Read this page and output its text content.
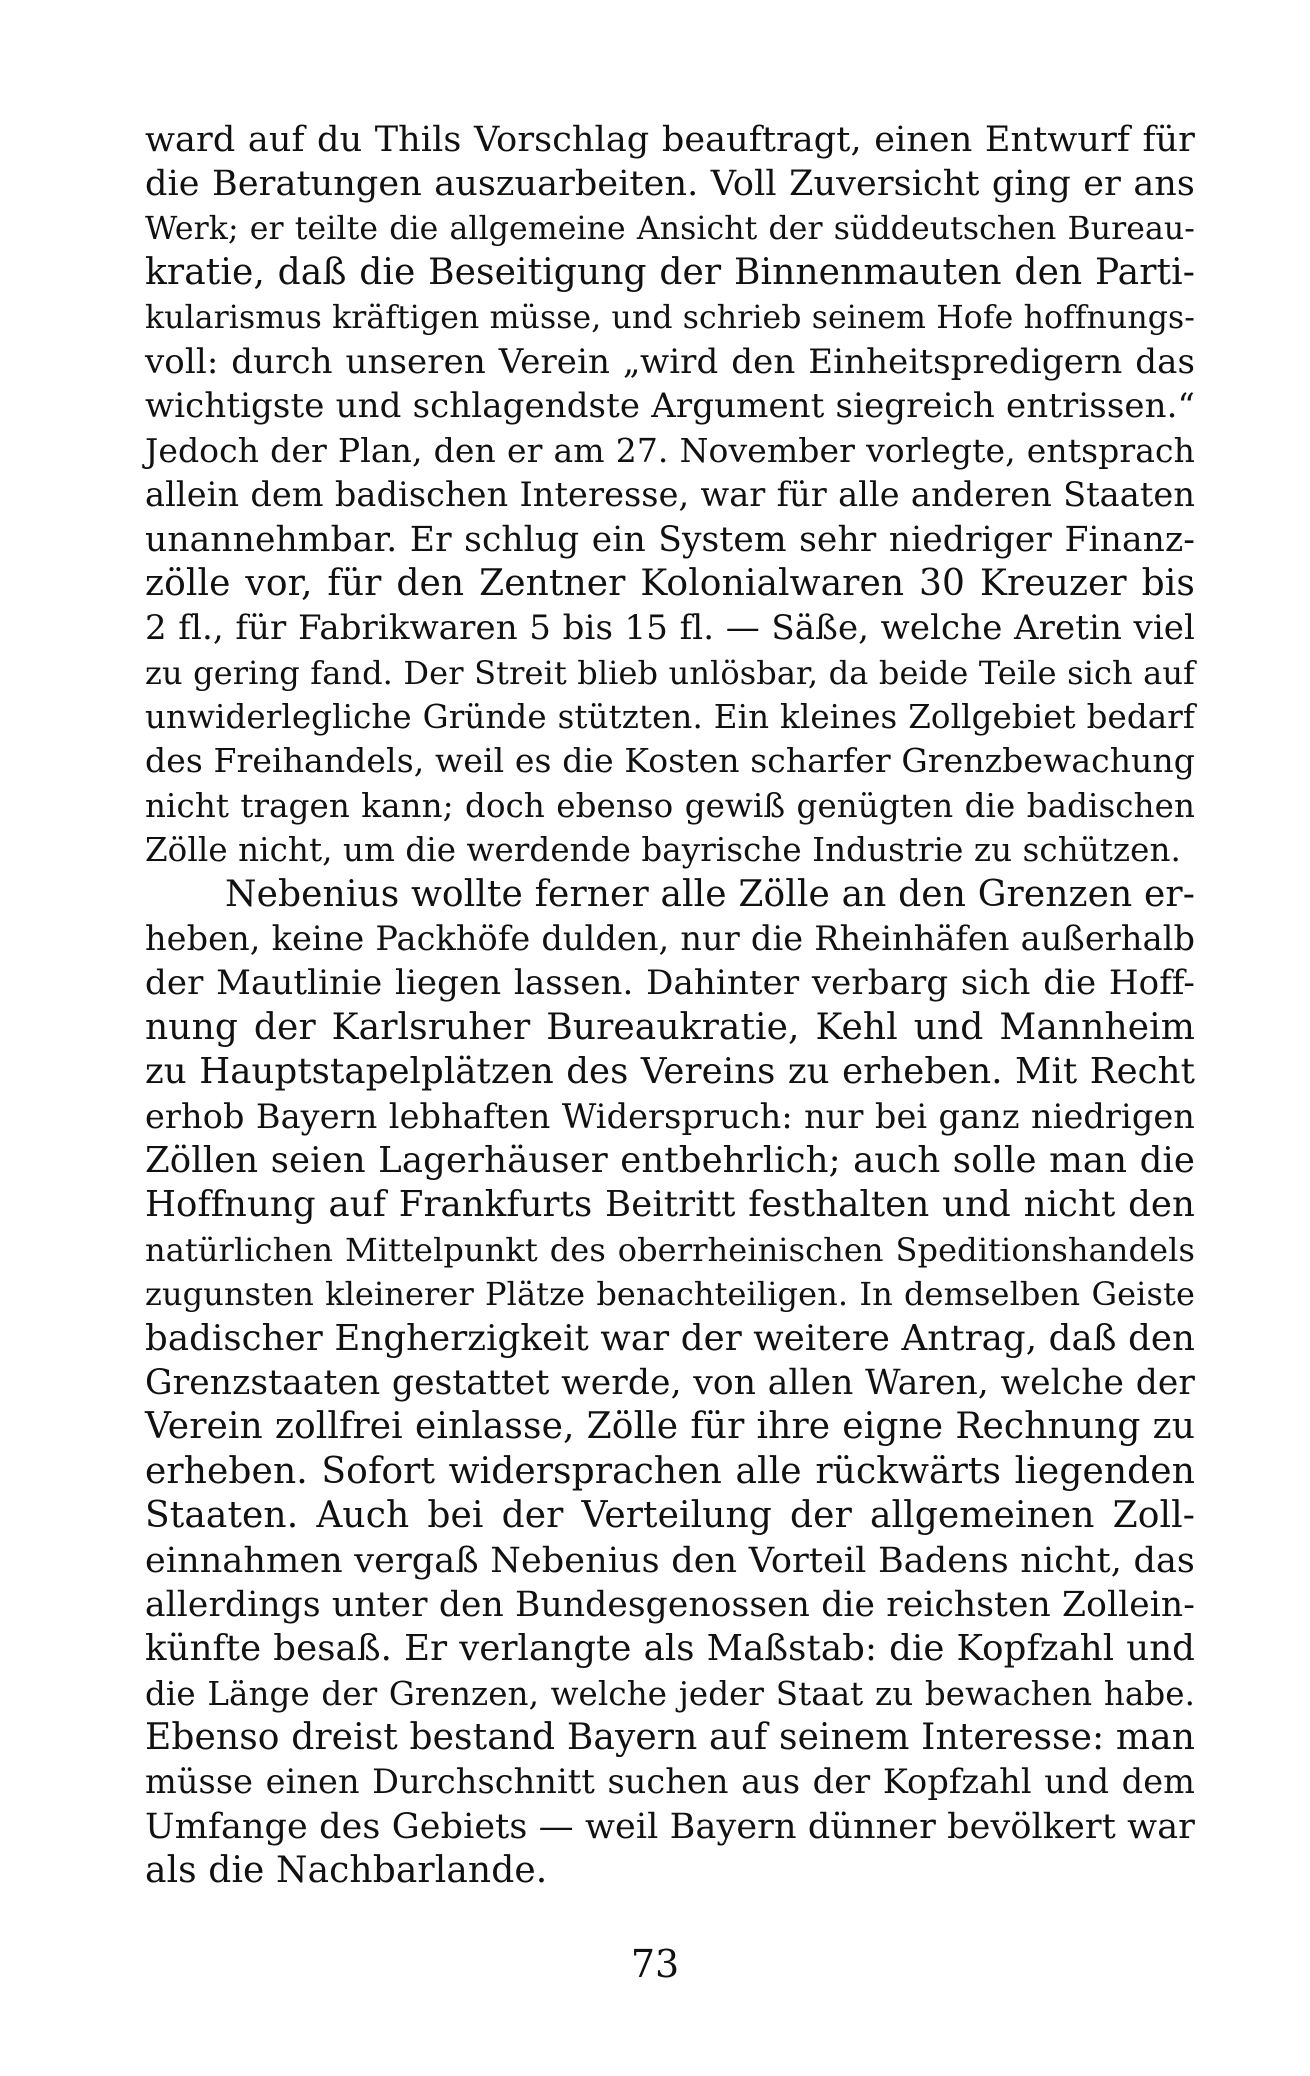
ward auf du Thils Vorschlag beauftragt, einen Entwurf für
die Beratungen auszuarbeiten. Voll Zuversicht ging er ans
Werk; er teilte die allgemeine Ansicht der süddeutschen Bureau-
kratie, daß die Beseitigung der Binnenmauten den Parti-
kularismus kräftigen müsse, und schrieb seinem Hofe hoffnungs-
voll: durch unseren Verein „wird den Einheitspredigern das
wichtigste und schlagendste Argument siegreich entrissen.“
Jedoch der Plan, den er am 27. November vorlegte, entsprach
allein dem badischen Interesse, war für alle anderen Staaten
unannehmbar. Er schlug ein System sehr niedriger Finanz-
zölle vor, für den Zentner Kolonialwaren 30 Kreuzer bis
2 fl., für Fabrikwaren 5 bis 15 fl. — Säße, welche Aretin viel
zu gering fand. Der Streit blieb unlösbar, da beide Teile sich auf
unwiderlegliche Gründe stützten. Ein kleines Zollgebiet bedarf
des Freihandels, weil es die Kosten scharfer Grenzbewachung
nicht tragen kann; doch ebenso gewiß genügten die badischen
Zölle nicht, um die werdende bayrische Industrie zu schützen.
Nebenius wollte ferner alle Zölle an den Grenzen er-
heben, keine Packhöfe dulden, nur die Rheinhäfen außerhalb
der Mautlinie liegen lassen. Dahinter verbarg sich die Hoff-
nung der Karlsruher Bureaukratie, Kehl und Mannheim
zu Hauptstapelplätzen des Vereins zu erheben. Mit Recht
erhob Bayern lebhaften Widerspruch: nur bei ganz niedrigen
Zöllen seien Lagerhäuser entbehrlich; auch solle man die
Hoffnung auf Frankfurts Beitritt festhalten und nicht den
natürlichen Mittelpunkt des oberrheinischen Speditionshandels
zugunsten kleinerer Plätze benachteiligen. In demselben Geiste
badischer Engherzigkeit war der weitere Antrag, daß den
Grenzstaaten gestattet werde, von allen Waren, welche der
Verein zollfrei einlasse, Zölle für ihre eigne Rechnung zu
erheben. Sofort widersprachen alle rückwärts liegenden
Staaten. Auch bei der Verteilung der allgemeinen Zoll-
einnahmen vergaß Nebenius den Vorteil Badens nicht, das
allerdings unter den Bundesgenossen die reichsten Zollein-
künfte besaß. Er verlangte als Maßstab: die Kopfzahl und
die Länge der Grenzen, welche jeder Staat zu bewachen habe.
Ebenso dreist bestand Bayern auf seinem Interesse: man
müsse einen Durchschnitt suchen aus der Kopfzahl und dem
Umfange des Gebiets — weil Bayern dünner bevölkert war
als die Nachbarlande.
73
